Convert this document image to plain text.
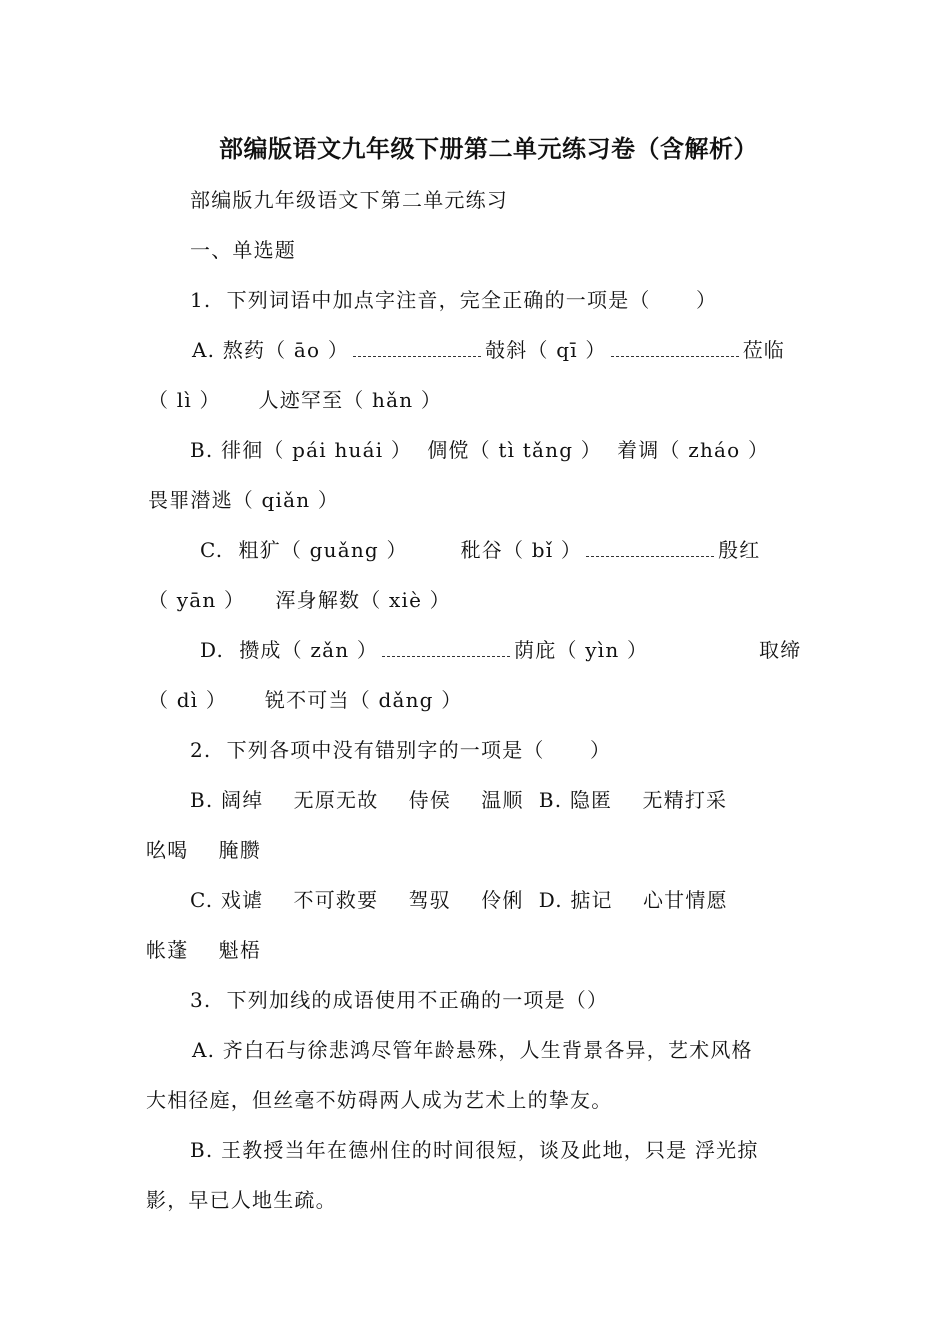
部编版语文九年级下册第二单元练习卷（含解析）
部编版九年级语文下第二单元练习
一、单选题
1.  下列词语中加点字注音，完全正确的一项是（      ）
A. 熬药（ āo ）	攲斜（ qī ）	莅临
（ lì ）     人迹罕至（ hǎn ）
B. 徘徊（ pái huái ）  倜傥（ tì tǎng ）  着调（ zháo ）
畏罪潜逃（ qiǎn ）
C.  粗犷（ guǎng ）       秕谷（ bǐ ）	殷红
（ yān ）    浑身解数（ xiè ）
D.  攒成（ zǎn ）	荫庇（ yìn ）	取缔
（ dì ）     锐不可当（ dǎng ）
2.  下列各项中没有错别字的一项是（      ）
B. 阔绰    无原无故    侍侯    温顺  B. 隐匿    无精打采
吆喝    腌臜
C. 戏谑    不可救要    驾驭    伶俐  D. 掂记    心甘情愿
帐蓬    魁梧
3.  下列加线的成语使用不正确的一项是（）
A. 齐白石与徐悲鸿尽管年龄悬殊，人生背景各异，艺术风格
大相径庭，但丝毫不妨碍两人成为艺术上的挚友。
B. 王教授当年在德州住的时间很短，谈及此地，只是 浮光掠
影，早已人地生疏。
